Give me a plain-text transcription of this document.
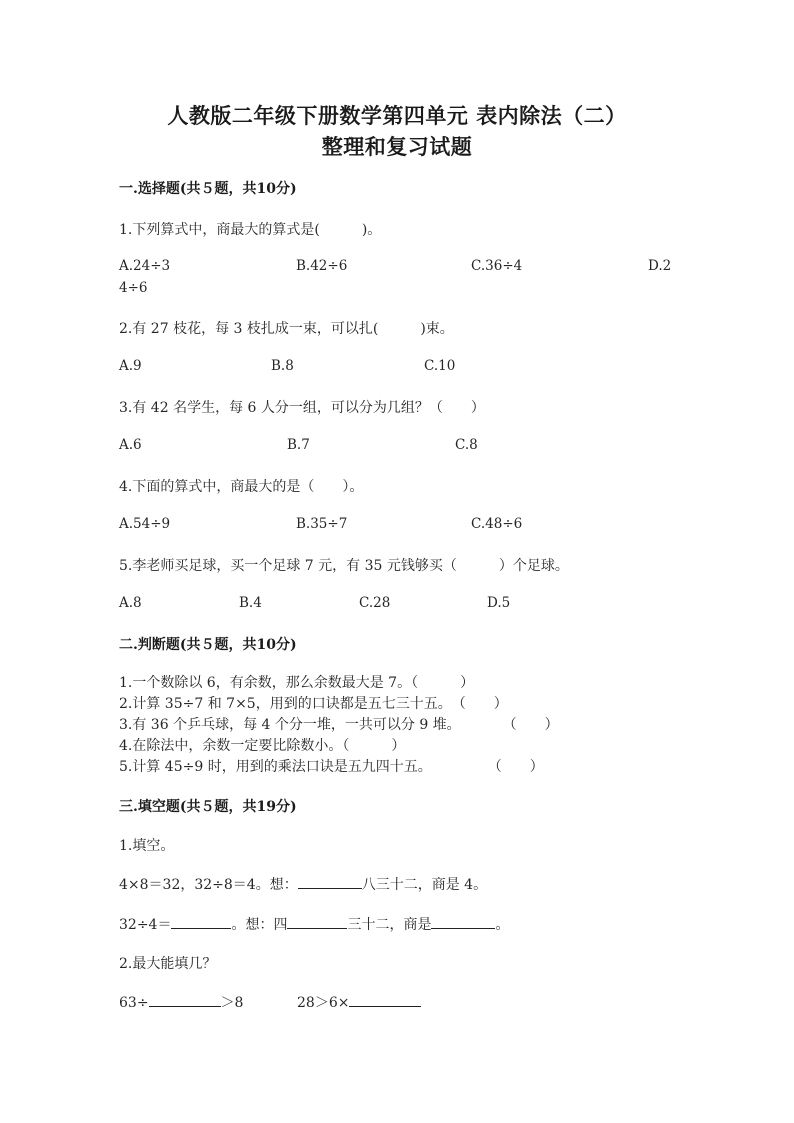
人教版二年级下册数学第四单元 表内除法（二）
整理和复习试题
一.选择题(共５题，共10分)
1.下列算式中，商最大的算式是(　　　)。
A.24÷3	B.42÷6	C.36÷4	D.2
4÷6
2.有 27 枝花，每 3 枝扎成一束，可以扎(　　　)束。
A.9	B.8	C.10
3.有 42 名学生，每 6 人分一组，可以分为几组？（　　）
A.6	B.7	C.8
4.下面的算式中，商最大的是（　　）。
A.54÷9	B.35÷7	C.48÷6
5.李老师买足球，买一个足球 7 元，有 35 元钱够买（　　　）个足球。
A.8	B.4	C.28	D.5
二.判断题(共５题，共10分)
1.一个数除以 6，有余数，那么余数最大是 7。（　　　）
2.计算 35÷7 和 7×5，用到的口诀都是五七三十五。　（　　）
3.有 36 个乒乓球，每 4 个分一堆，一共可以分 9 堆。　　　　（　　）
4.在除法中，余数一定要比除数小。（　　　）
5.计算 45÷9 时，用到的乘法口诀是五九四十五。　　　　　（　　）
三.填空题(共５题，共19分)
1.填空。
4×8＝32，32÷8＝4。想：	八三十二，商是 4。
32÷4＝	。想：四	三十二，商是	。
2.最大能填几？
63÷	＞8	28＞6×
